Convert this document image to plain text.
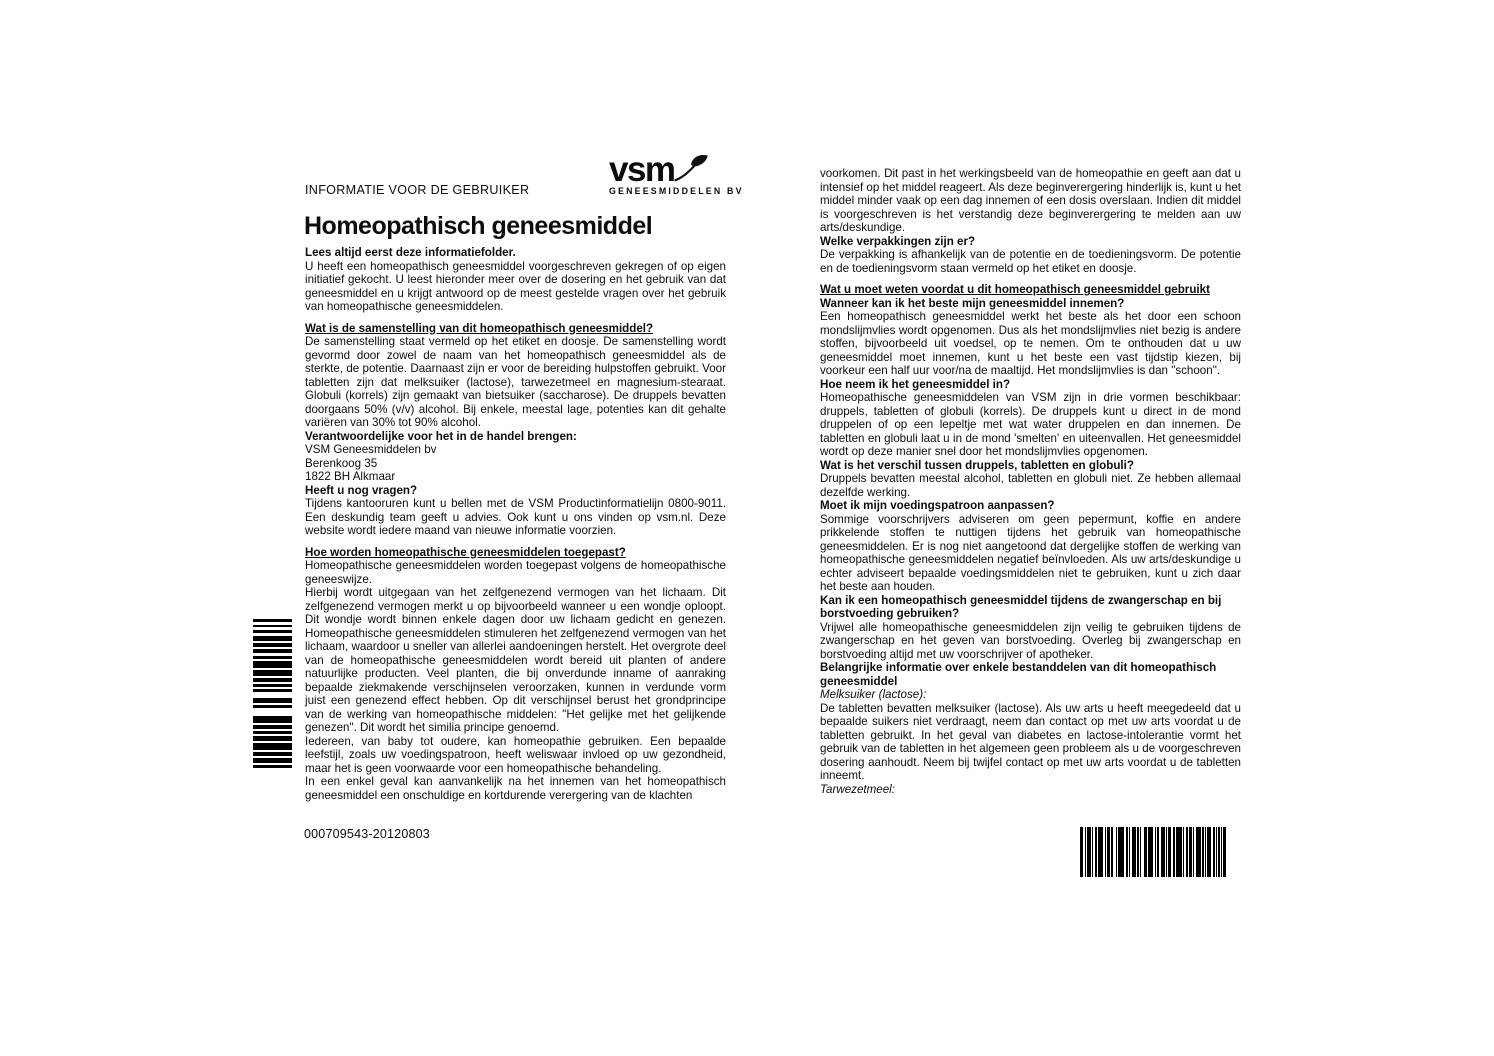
INFORMATIE VOOR DE GEBRUIKER
vsm
GENEESMIDDELEN BV
Homeopathisch geneesmiddel
Lees altijd eerst deze informatiefolder.
U heeft een homeopathisch geneesmiddel voorgeschreven gekregen of op eigen initiatief gekocht. U leest hieronder meer over de dosering en het gebruik van dat geneesmiddel en u krijgt antwoord op de meest gestelde vragen over het gebruik van homeopathische geneesmiddelen.
Wat is de samenstelling van dit homeopathisch geneesmiddel?
De samenstelling staat vermeld op het etiket en doosje. De samenstelling wordt gevormd door zowel de naam van het homeopathisch geneesmiddel als de sterkte, de potentie. Daarnaast zijn er voor de bereiding hulpstoffen gebruikt. Voor tabletten zijn dat melksuiker (lactose), tarwezetmeel en magnesium-stearaat. Globuli (korrels) zijn gemaakt van bietsuiker (saccharose). De druppels bevatten doorgaans 50% (v/v) alcohol. Bij enkele, meestal lage, potenties kan dit gehalte variëren van 30% tot 90% alcohol.
Verantwoordelijke voor het in de handel brengen:
VSM Geneesmiddelen bv
Berenkoog 35
1822 BH Alkmaar
Heeft u nog vragen?
Tijdens kantooruren kunt u bellen met de VSM Productinformatielijn 0800-9011. Een deskundig team geeft u advies. Ook kunt u ons vinden op vsm.nl. Deze website wordt iedere maand van nieuwe informatie voorzien.
Hoe worden homeopathische geneesmiddelen toegepast?
Homeopathische geneesmiddelen worden toegepast volgens de homeopathische geneeswijze.
Hierbij wordt uitgegaan van het zelfgenezend vermogen van het lichaam. Dit zelfgenezend vermogen merkt u op bijvoorbeeld wanneer u een wondje oploopt. Dit wondje wordt binnen enkele dagen door uw lichaam gedicht en genezen. Homeopathische geneesmiddelen stimuleren het zelfgenezend vermogen van het lichaam, waardoor u sneller van allerlei aandoeningen herstelt. Het overgrote deel van de homeopathische geneesmiddelen wordt bereid uit planten of andere natuurlijke producten. Veel planten, die bij onverdunde inname of aanraking bepaalde ziekmakende verschijnselen veroorzaken, kunnen in verdunde vorm juist een genezend effect hebben. Op dit verschijnsel berust het grondprincipe van de werking van homeopathische middelen: "Het gelijke met het gelijkende genezen". Dit wordt het similia principe genoemd.
Iedereen, van baby tot oudere, kan homeopathie gebruiken. Een bepaalde leefstijl, zoals uw voedingspatroon, heeft weliswaar invloed op uw gezondheid, maar het is geen voorwaarde voor een homeopathische behandeling.
In een enkel geval kan aanvankelijk na het innemen van het homeopathisch geneesmiddel een onschuldige en kortdurende verergering van de klachten
voorkomen. Dit past in het werkingsbeeld van de homeopathie en geeft aan dat u intensief op het middel reageert. Als deze beginverergering hinderlijk is, kunt u het middel minder vaak op een dag innemen of een dosis overslaan. Indien dit middel is voorgeschreven is het verstandig deze beginverergering te melden aan uw arts/deskundige.
Welke verpakkingen zijn er?
De verpakking is afhankelijk van de potentie en de toedieningsvorm. De potentie en de toedieningsvorm staan vermeld op het etiket en doosje.
Wat u moet weten voordat u dit homeopathisch geneesmiddel gebruikt
Wanneer kan ik het beste mijn geneesmiddel innemen?
Een homeopathisch geneesmiddel werkt het beste als het door een schoon mondslijmvlies wordt opgenomen. Dus als het mondslijmvlies niet bezig is andere stoffen, bijvoorbeeld uit voedsel, op te nemen. Om te onthouden dat u uw geneesmiddel moet innemen, kunt u het beste een vast tijdstip kiezen, bij voorkeur een half uur voor/na de maaltijd. Het mondslijmvlies is dan "schoon".
Hoe neem ik het geneesmiddel in?
Homeopathische geneesmiddelen van VSM zijn in drie vormen beschikbaar: druppels, tabletten of globuli (korrels). De druppels kunt u direct in de mond druppelen of op een lepeltje met wat water druppelen en dan innemen. De tabletten en globuli laat u in de mond 'smelten' en uiteenvallen. Het geneesmiddel wordt op deze manier snel door het mondslijmvlies opgenomen.
Wat is het verschil tussen druppels, tabletten en globuli?
Druppels bevatten meestal alcohol, tabletten en globuli niet. Ze hebben allemaal dezelfde werking.
Moet ik mijn voedingspatroon aanpassen?
Sommige voorschrijvers adviseren om geen pepermunt, koffie en andere prikkelende stoffen te nuttigen tijdens het gebruik van homeopathische geneesmiddelen. Er is nog niet aangetoond dat dergelijke stoffen de werking van homeopathische geneesmiddelen negatief beïnvloeden. Als uw arts/deskundige u echter adviseert bepaalde voedingsmiddelen niet te gebruiken, kunt u zich daar het beste aan houden.
Kan ik een homeopathisch geneesmiddel tijdens de zwangerschap en bij borstvoeding gebruiken?
Vrijwel alle homeopathische geneesmiddelen zijn veilig te gebruiken tijdens de zwangerschap en het geven van borstvoeding. Overleg bij zwangerschap en borstvoeding altijd met uw voorschrijver of apotheker.
Belangrijke informatie over enkele bestanddelen van dit homeopathisch geneesmiddel
Melksuiker (lactose):
De tabletten bevatten melksuiker (lactose). Als uw arts u heeft meegedeeld dat u bepaalde suikers niet verdraagt, neem dan contact op met uw arts voordat u de tabletten gebruikt. In het geval van diabetes en lactose-intolerantie vormt het gebruik van de tabletten in het algemeen geen probleem als u de voorgeschreven dosering aanhoudt. Neem bij twijfel contact op met uw arts voordat u de tabletten inneemt.
Tarwezetmeel:
000709543-20120803
